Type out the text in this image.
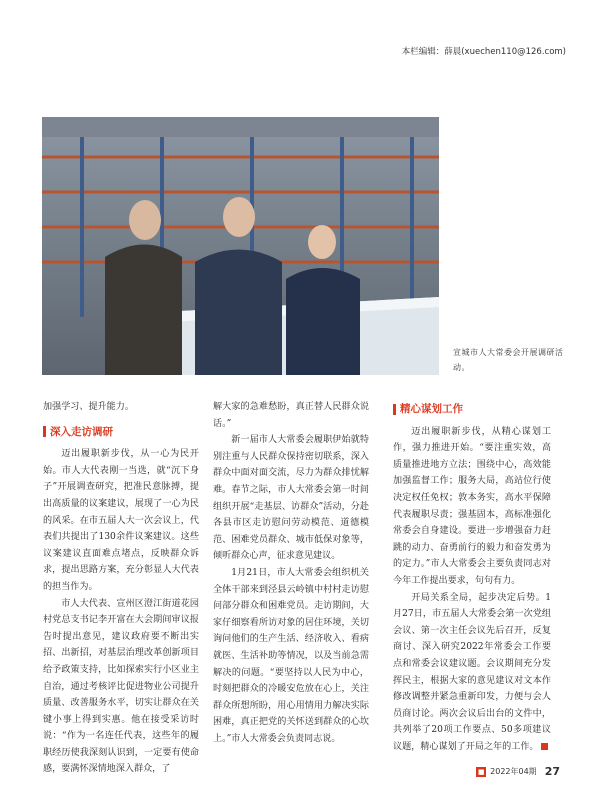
本栏编辑：薛晨(xuechen110@126.com)
宣城市人大常委会开展调研活动。

加强学习、提升能力。

深入走访调研

迈出履职新步伐，从一心为民开始。市人大代表刚一当选，就“沉下身子”开展调查研究，把准民意脉搏，提出高质量的议案建议，展现了一心为民的风采。在市五届人大一次会议上，代表们共提出了130余件议案建议。这些议案建议直面难点堵点，反映群众诉求，提出思路方案，充分彰显人大代表的担当作为。

市人大代表、宣州区澄江街道花园村党总支书记李开富在大会期间审议报告时提出意见，建议政府要不断出实招、出新招，对基层治理改革创新项目给予政策支持，比如探索实行小区业主自治，通过考核评比促进物业公司提升质量、改善服务水平，切实让群众在关键小事上得到实惠。他在接受采访时说：“作为一名连任代表，这些年的履职经历使我深刻认识到，一定要有使命感，要满怀深情地深入群众，了

解大家的急难愁盼，真正替人民群众说话。”

新一届市人大常委会履职伊始就特别注重与人民群众保持密切联系，深入群众中面对面交流，尽力为群众排忧解难。春节之际，市人大常委会第一时间组织开展“走基层、访群众”活动，分赴各县市区走访慰问劳动模范、道德模范、困难党员群众、城市低保对象等，倾听群众心声，征求意见建议。

1月21日，市人大常委会组织机关全体干部来到泾县云岭镇中村村走访慰问部分群众和困难党员。走访期间，大家仔细察看所访对象的居住环境，关切询问他们的生产生活、经济收入、看病就医、生活补助等情况，以及当前急需解决的问题。“要坚持以人民为中心，时刻把群众的冷暖安危放在心上，关注群众所想所盼，用心用情用力解决实际困难，真正把党的关怀送到群众的心坎上。”市人大常委会负责同志说。

精心谋划工作

迈出履职新步伐，从精心谋划工作，强力推进开始。“要注重实效，高质量推进地方立法；围绕中心，高效能加强监督工作；服务大局，高站位行使决定权任免权；敦本务实，高水平保障代表履职尽责；强基固本，高标准强化常委会自身建设。要进一步增强奋力赶跳的动力、奋勇前行的毅力和奋发勇为的定力。”市人大常委会主要负责同志对今年工作提出要求，句句有力。

开局关系全局，起步决定后势。1月27日，市五届人大常委会第一次党组会议、第一次主任会议先后召开，反复商讨、深入研究2022年常委会工作要点和常委会议建议题。会议期间充分发挥民主，根据大家的意见建议对文本作修改调整并紧急重新印发，力便与会人员商讨论。两次会议后出台的文件中，共列举了20项工作要点、50多项建议议题，精心谋划了开局之年的工作。

■ 2022年04期 27
